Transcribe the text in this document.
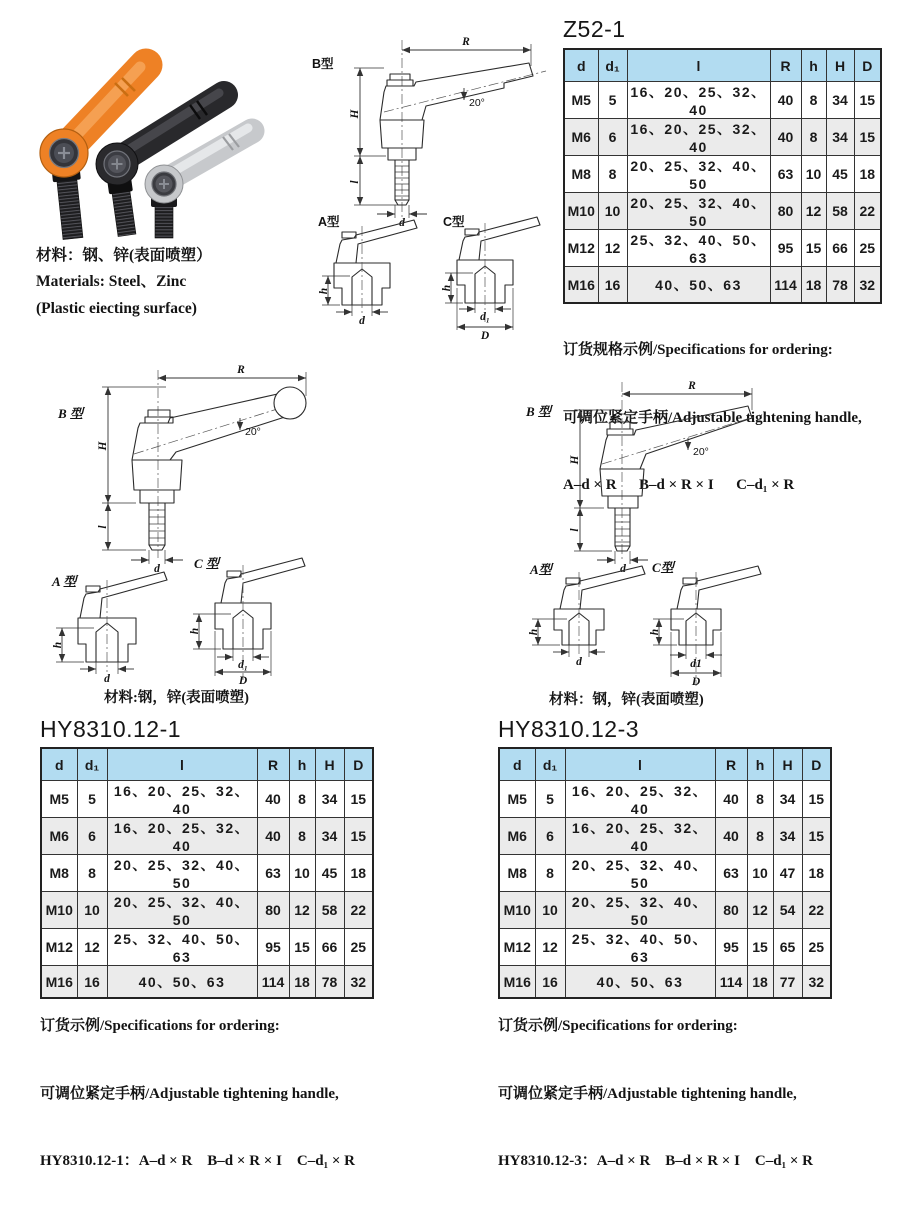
材料：钢、锌(表面喷塑）
Materials: Steel、Zinc
(Plastic eiecting surface)
B型
20°
R
H
l
d
A型
h
d
C型
h
d₁
D
Z52-1
d	d₁	l	R	h	H	D
M5	5	16、20、25、32、40	40	8	34	15
M6	6	16、20、25、32、40	40	8	34	15
M8	8	20、25、32、40、50	63	10	45	18
M10	10	20、25、32、40、50	80	12	58	22
M12	12	25、32、40、50、63	95	15	66	25
M16	16	40、50、63	114	18	78	32

订货规格示例/Specifications for ordering:

可调位紧定手柄/Adjustable tightening handle,

A–d × R      B–d × R × I      C–d₁ × R

B 型
20°
R
H
l
d
A 型
h
d
C 型
h
d₁
D
材料:钢，锌(表面喷塑)
B 型
20°
R
H
l
d
A型
h
d
C型
h
d1
D
材料：钢，锌(表面喷塑)
HY8310.12-1
d	d₁	l	R	h	H	D
M5	5	16、20、25、32、40	40	8	34	15
M6	6	16、20、25、32、40	40	8	34	15
M8	8	20、25、32、40、50	63	10	45	18
M10	10	20、25、32、40、50	80	12	58	22
M12	12	25、32、40、50、63	95	15	66	25
M16	16	40、50、63	114	18	78	32

订货示例/Specifications for ordering:

可调位紧定手柄/Adjustable tightening handle,

HY8310.12-1：A–d × R    B–d × R × I    C–d₁ × R

HY8310.12-3
d	d₁	l	R	h	H	D
M5	5	16、20、25、32、40	40	8	34	15
M6	6	16、20、25、32、40	40	8	34	15
M8	8	20、25、32、40、50	63	10	47	18
M10	10	20、25、32、40、50	80	12	54	22
M12	12	25、32、40、50、63	95	15	65	25
M16	16	40、50、63	114	18	77	32

订货示例/Specifications for ordering:

可调位紧定手柄/Adjustable tightening handle,

HY8310.12-3：A–d × R    B–d × R × I    C–d₁ × R
